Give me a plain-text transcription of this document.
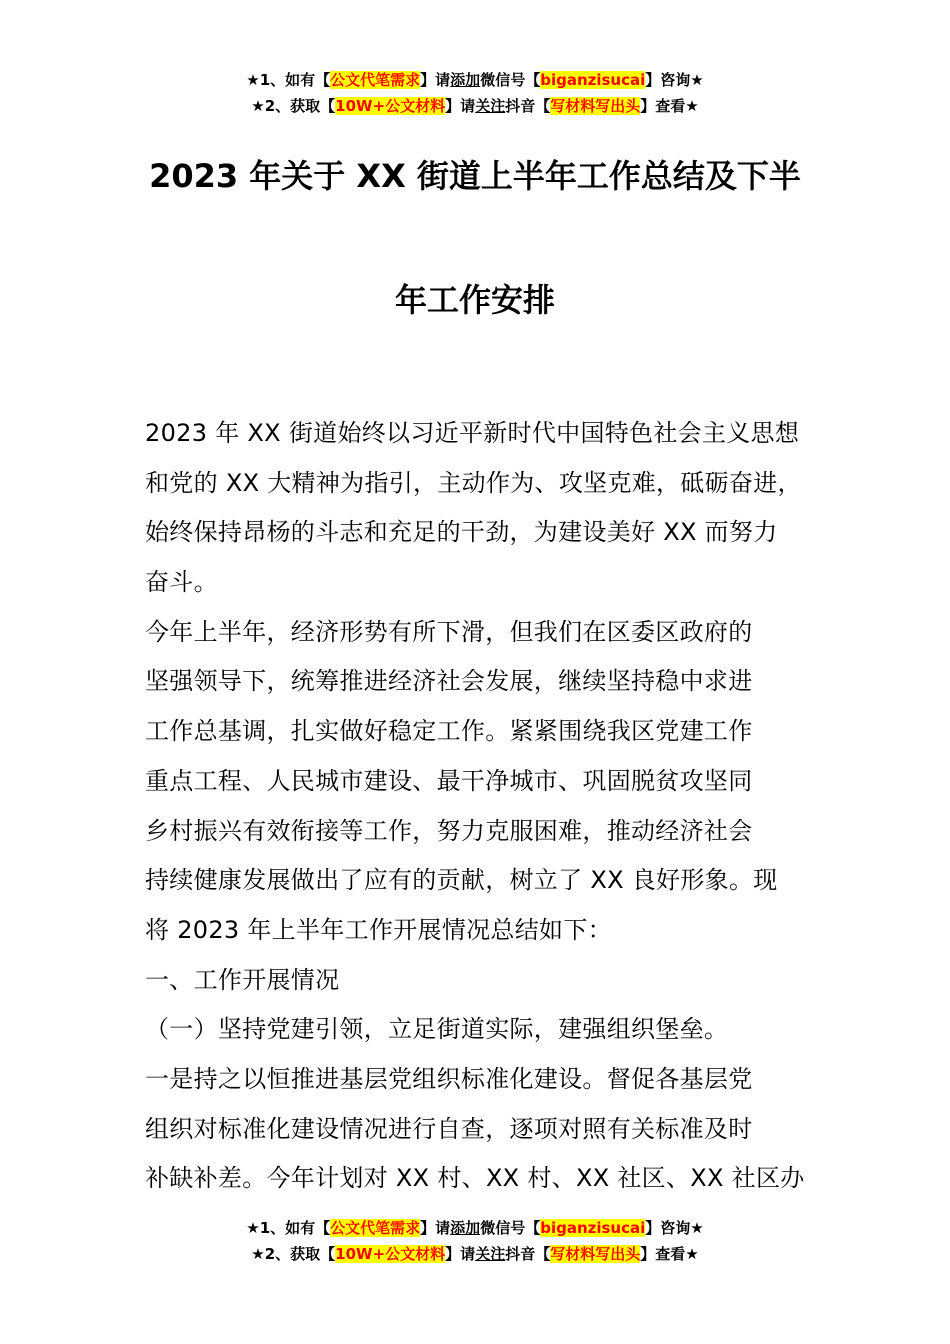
★1、如有【公文代笔需求】请添加微信号【biganzisucai】咨询★
★2、获取【10W+公文材料】请关注抖音【写材料写出头】查看★
2023 年关于 XX 街道上半年工作总结及下半
年工作安排
2023 年 XX 街道始终以习近平新时代中国特色社会主义思想
和党的 XX 大精神为指引，主动作为、攻坚克难，砥砺奋进，
始终保持昂杨的斗志和充足的干劲，为建设美好 XX 而努力
奋斗。
今年上半年，经济形势有所下滑，但我们在区委区政府的
坚强领导下，统筹推进经济社会发展，继续坚持稳中求进
工作总基调，扎实做好稳定工作。紧紧围绕我区党建工作
重点工程、人民城市建设、最干净城市、巩固脱贫攻坚同
乡村振兴有效衔接等工作，努力克服困难，推动经济社会
持续健康发展做出了应有的贡献，树立了 XX 良好形象。现
将 2023 年上半年工作开展情况总结如下：
一、工作开展情况
（一）坚持党建引领，立足街道实际，建强组织堡垒。
一是持之以恒推进基层党组织标准化建设。督促各基层党
组织对标准化建设情况进行自查，逐项对照有关标准及时
补缺补差。今年计划对 XX 村、XX 村、XX 社区、XX 社区办
★1、如有【公文代笔需求】请添加微信号【biganzisucai】咨询★
★2、获取【10W+公文材料】请关注抖音【写材料写出头】查看★
